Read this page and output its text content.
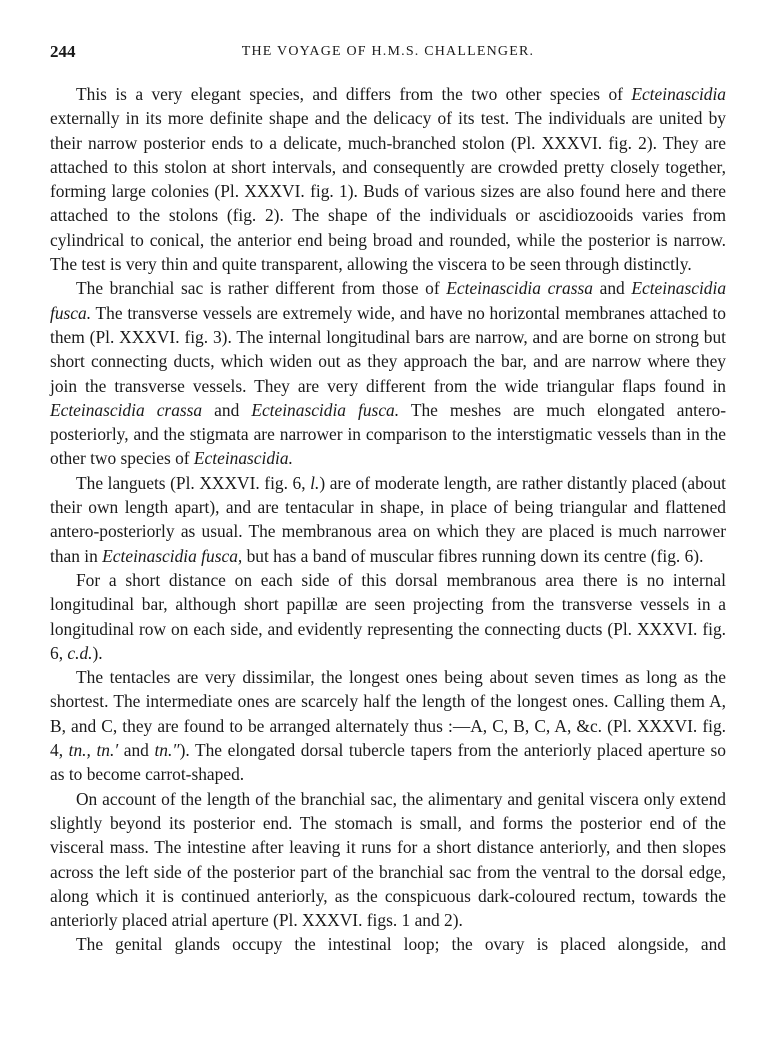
244	THE VOYAGE OF H.M.S. CHALLENGER.

This is a very elegant species, and differs from the two other species of Ecteinascidia externally in its more definite shape and the delicacy of its test. The individuals are united by their narrow posterior ends to a delicate, much-branched stolon (Pl. XXXVI. fig. 2). They are attached to this stolon at short intervals, and consequently are crowded pretty closely together, forming large colonies (Pl. XXXVI. fig. 1). Buds of various sizes are also found here and there attached to the stolons (fig. 2). The shape of the individuals or ascidiozooids varies from cylindrical to conical, the anterior end being broad and rounded, while the posterior is narrow. The test is very thin and quite transparent, allowing the viscera to be seen through distinctly.

The branchial sac is rather different from those of Ecteinascidia crassa and Ecteinascidia fusca. The transverse vessels are extremely wide, and have no horizontal membranes attached to them (Pl. XXXVI. fig. 3). The internal longitudinal bars are narrow, and are borne on strong but short connecting ducts, which widen out as they approach the bar, and are narrow where they join the transverse vessels. They are very different from the wide triangular flaps found in Ecteinascidia crassa and Ecteinascidia fusca. The meshes are much elongated antero-posteriorly, and the stigmata are narrower in comparison to the interstigmatic vessels than in the other two species of Ecteinascidia.

The languets (Pl. XXXVI. fig. 6, l.) are of moderate length, are rather distantly placed (about their own length apart), and are tentacular in shape, in place of being triangular and flattened antero-posteriorly as usual. The membranous area on which they are placed is much narrower than in Ecteinascidia fusca, but has a band of muscular fibres running down its centre (fig. 6).

For a short distance on each side of this dorsal membranous area there is no internal longitudinal bar, although short papillæ are seen projecting from the transverse vessels in a longitudinal row on each side, and evidently representing the connecting ducts (Pl. XXXVI. fig. 6, c.d.).

The tentacles are very dissimilar, the longest ones being about seven times as long as the shortest. The intermediate ones are scarcely half the length of the longest ones. Calling them A, B, and C, they are found to be arranged alternately thus :—A, C, B, C, A, &c. (Pl. XXXVI. fig. 4, tn., tn.′ and tn.″). The elongated dorsal tubercle tapers from the anteriorly placed aperture so as to become carrot-shaped.

On account of the length of the branchial sac, the alimentary and genital viscera only extend slightly beyond its posterior end. The stomach is small, and forms the posterior end of the visceral mass. The intestine after leaving it runs for a short distance anteriorly, and then slopes across the left side of the posterior part of the branchial sac from the ventral to the dorsal edge, along which it is continued anteriorly, as the conspicuous dark-coloured rectum, towards the anteriorly placed atrial aperture (Pl. XXXVI. figs. 1 and 2).

The genital glands occupy the intestinal loop; the ovary is placed alongside, and
